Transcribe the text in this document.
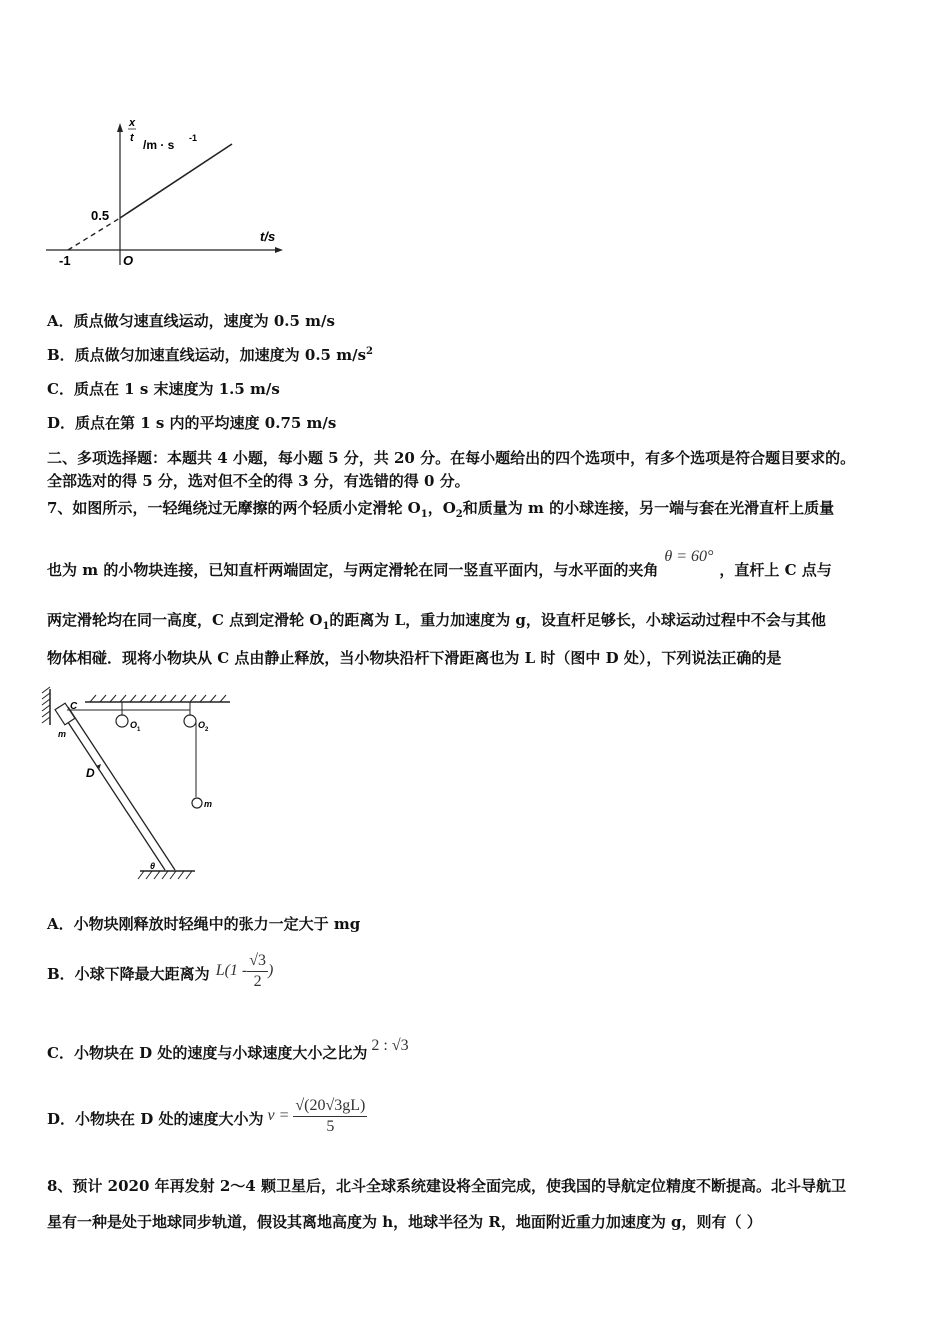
x
t /m · s -1
0.5
t/s
-1	O
A．质点做匀速直线运动，速度为 0.5 m/s
B．质点做匀加速直线运动，加速度为 0.5 $m/s^2$
C．质点在 1 s 末速度为 1.5 m/s
D．质点在第 1 s 内的平均速度 0.75 m/s
二、多项选择题：本题共 4 小题，每小题 5 分，共 20 分。在每小题给出的四个选项中，有多个选项是符合题目要求的。
全部选对的得 5 分，选对但不全的得 3 分，有选错的得 0 分。
7、如图所示，一轻绳绕过无摩擦的两个轻质小定滑轮 $O_1$，$O_2$和质量为 m 的小球连接，另一端与套在光滑直杆上质量
也为 m 的小物块连接，已知直杆两端固定，与两定滑轮在同一竖直平面内，与水平面的夹角θ = 60°，直杆上 C 点与
两定滑轮均在同一高度，C 点到定滑轮 $O_1$的距离为 L，重力加速度为 g，设直杆足够长，小球运动过程中不会与其他
物体相碰．现将小物块从 C 点由静止释放，当小物块沿杆下滑距离也为 L 时（图中 D 处），下列说法正确的是
C
m
O 1	O 2
D
m
θ
A．小物块刚释放时轻绳中的张力一定大于 mg
B．小球下降最大距离为 $L(1 - \frac{√3}{2}$ )
C．小物块在 D 处的速度与小球速度大小之比为 2 : √3
D．小物块在 D 处的速度大小为 $v = \frac{√(20√3gL)}{5}$
8、预计 2020 年再发射 2～4 颗卫星后，北斗全球系统建设将全面完成，使我国的导航定位精度不断提高。北斗导航卫
星有一种是处于地球同步轨道，假设其离地高度为 h，地球半径为 R，地面附近重力加速度为 g，则有（ ）
